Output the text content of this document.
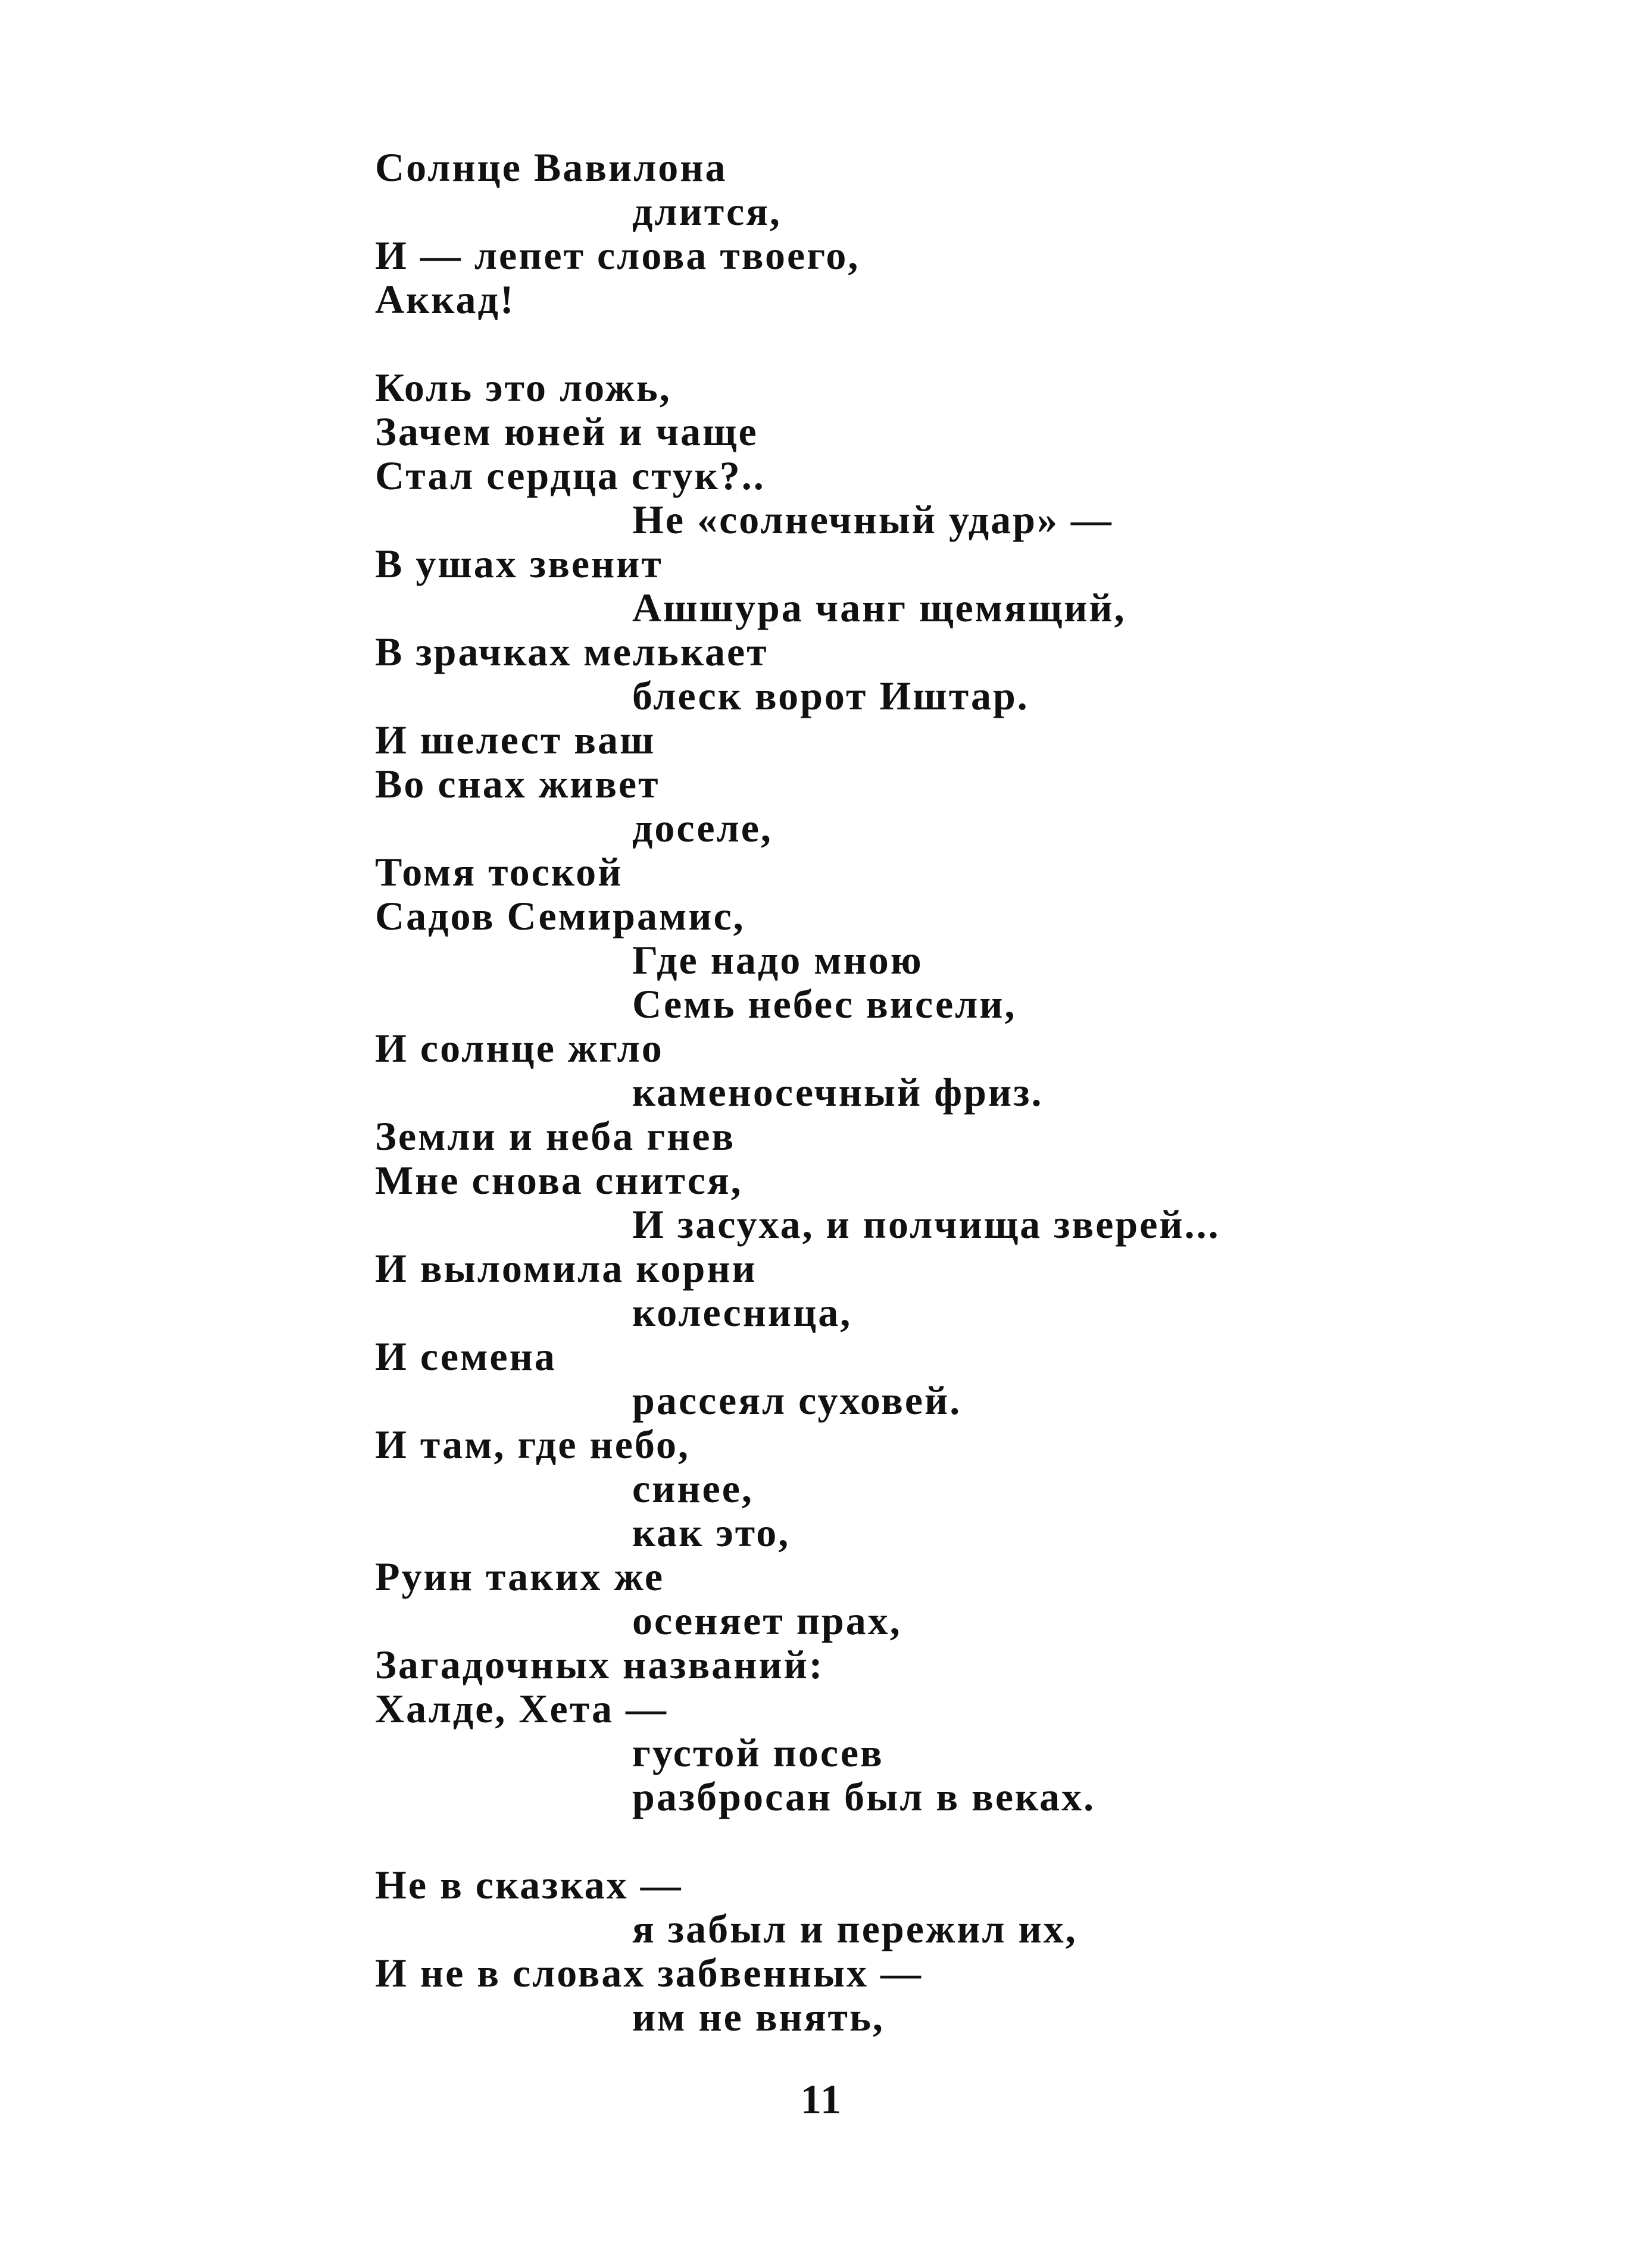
Солнце Вавилона
длится,
И — лепет слова твоего,
Аккад!
Коль это ложь,
Зачем юней и чаще
Стал сердца стук?..
Не «солнечный удар» —
В ушах звенит
Ашшура чанг щемящий,
В зрачках мелькает
блеск ворот Иштар.
И шелест ваш
Во снах живет
доселе,
Томя тоской
Садов Семирамис,
Где надо мною
Семь небес висели,
И солнце жгло
каменосечный фриз.
Земли и неба гнев
Мне снова снится,
И засуха, и полчища зверей...
И выломила корни
колесница,
И семена
рассеял суховей.
И там, где небо,
синее,
как это,
Руин таких же
осеняет прах,
Загадочных названий:
Халде, Хета —
густой посев
разбросан был в веках.
Не в сказках —
я забыл и пережил их,
И не в словах забвенных —
им не внять,
11
